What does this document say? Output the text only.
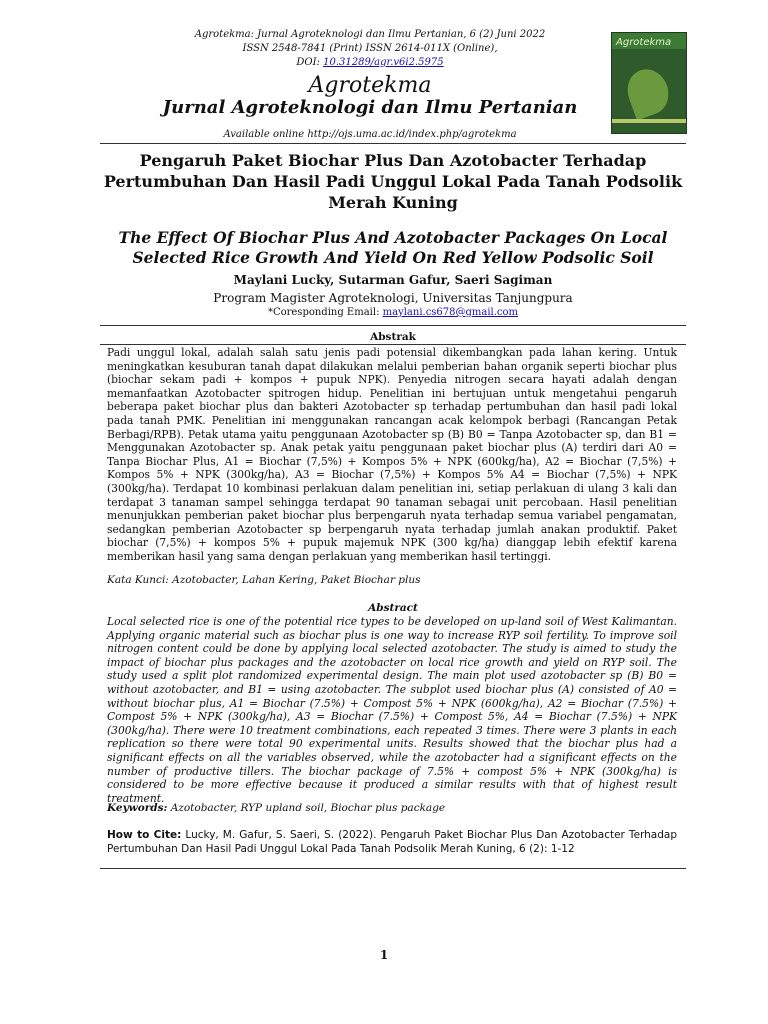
Agrotekma: Jurnal Agroteknologi dan Ilmu Pertanian, 6 (2) Juni 2022
ISSN 2548-7841 (Print) ISSN 2614-011X (Online),
DOI: 10.31289/agr.v6i2.5975
Agrotekma
Jurnal Agroteknologi dan Ilmu Pertanian
Available online http://ojs.uma.ac.id/index.php/agrotekma
Agrotekma
Pengaruh Paket Biochar Plus Dan Azotobacter Terhadap Pertumbuhan Dan Hasil Padi Unggul Lokal Pada Tanah Podsolik Merah Kuning
The Effect Of Biochar Plus And Azotobacter Packages On Local Selected Rice Growth And Yield On Red Yellow Podsolic Soil
Maylani Lucky, Sutarman Gafur, Saeri Sagiman
Program Magister Agroteknologi, Universitas Tanjungpura
*Coresponding Email: maylani.cs678@gmail.com
Abstrak
Padi unggul lokal, adalah salah satu jenis padi potensial dikembangkan pada lahan kering. Untuk meningkatkan kesuburan tanah dapat dilakukan melalui pemberian bahan organik seperti biochar plus (biochar sekam padi + kompos + pupuk NPK). Penyedia nitrogen secara hayati adalah dengan memanfaatkan Azotobacter spitrogen hidup. Penelitian ini bertujuan untuk mengetahui pengaruh beberapa paket biochar plus dan bakteri Azotobacter sp terhadap pertumbuhan dan hasil padi lokal pada tanah PMK. Penelitian ini menggunakan rancangan acak kelompok berbagi (Rancangan Petak Berbagi/RPB). Petak utama yaitu penggunaan Azotobacter sp (B) B0 = Tanpa Azotobacter sp, dan B1 = Menggunakan Azotobacter sp. Anak petak yaitu penggunaan paket biochar plus (A) terdiri dari A0 = Tanpa Biochar Plus, A1 = Biochar (7,5%) + Kompos 5% + NPK (600kg/ha), A2 = Biochar (7,5%) + Kompos 5% + NPK (300kg/ha), A3 = Biochar (7,5%) + Kompos 5% A4 = Biochar (7,5%) + NPK (300kg/ha). Terdapat 10 kombinasi perlakuan dalam penelitian ini, setiap perlakuan di ulang 3 kali dan terdapat 3 tanaman sampel sehingga terdapat 90 tanaman sebagai unit percobaan. Hasil penelitian menunjukkan pemberian paket biochar plus berpengaruh nyata terhadap semua variabel pengamatan, sedangkan pemberian Azotobacter sp berpengaruh nyata terhadap jumlah anakan produktif. Paket biochar (7,5%) + kompos 5% + pupuk majemuk NPK (300 kg/ha) dianggap lebih efektif karena memberikan hasil yang sama dengan perlakuan yang memberikan hasil tertinggi.
Kata Kunci: Azotobacter, Lahan Kering, Paket Biochar plus
Abstract
Local selected rice is one of the potential rice types to be developed on up-land soil of West Kalimantan. Applying organic material such as biochar plus is one way to increase RYP soil fertility. To improve soil nitrogen content could be done by applying local selected azotobacter. The study is aimed to study the impact of biochar plus packages and the azotobacter on local rice growth and yield on RYP soil. The study used a split plot randomized experimental design. The main plot used azotobacter sp (B) B0 = without azotobacter, and B1 = using azotobacter. The subplot used biochar plus (A) consisted of A0 = without biochar plus, A1 = Biochar (7.5%) + Compost 5% + NPK (600kg/ha), A2 = Biochar (7.5%) + Compost 5% + NPK (300kg/ha), A3 = Biochar (7.5%) + Compost 5%, A4 = Biochar (7.5%) + NPK (300kg/ha). There were 10 treatment combinations, each repeated 3 times. There were 3 plants in each replication so there were total 90 experimental units. Results showed that the biochar plus had a significant effects on all the variables observed, while the azotobacter had a significant effects on the number of productive tillers. The biochar package of 7.5% + compost 5% + NPK (300kg/ha) is considered to be more effective because it produced a similar results with that of highest result treatment.
Keywords: Azotobacter, RYP upland soil, Biochar plus package
How to Cite: Lucky, M. Gafur, S. Saeri, S. (2022). Pengaruh Paket Biochar Plus Dan Azotobacter Terhadap Pertumbuhan Dan Hasil Padi Unggul Lokal Pada Tanah Podsolik Merah Kuning, 6 (2): 1-12
1
